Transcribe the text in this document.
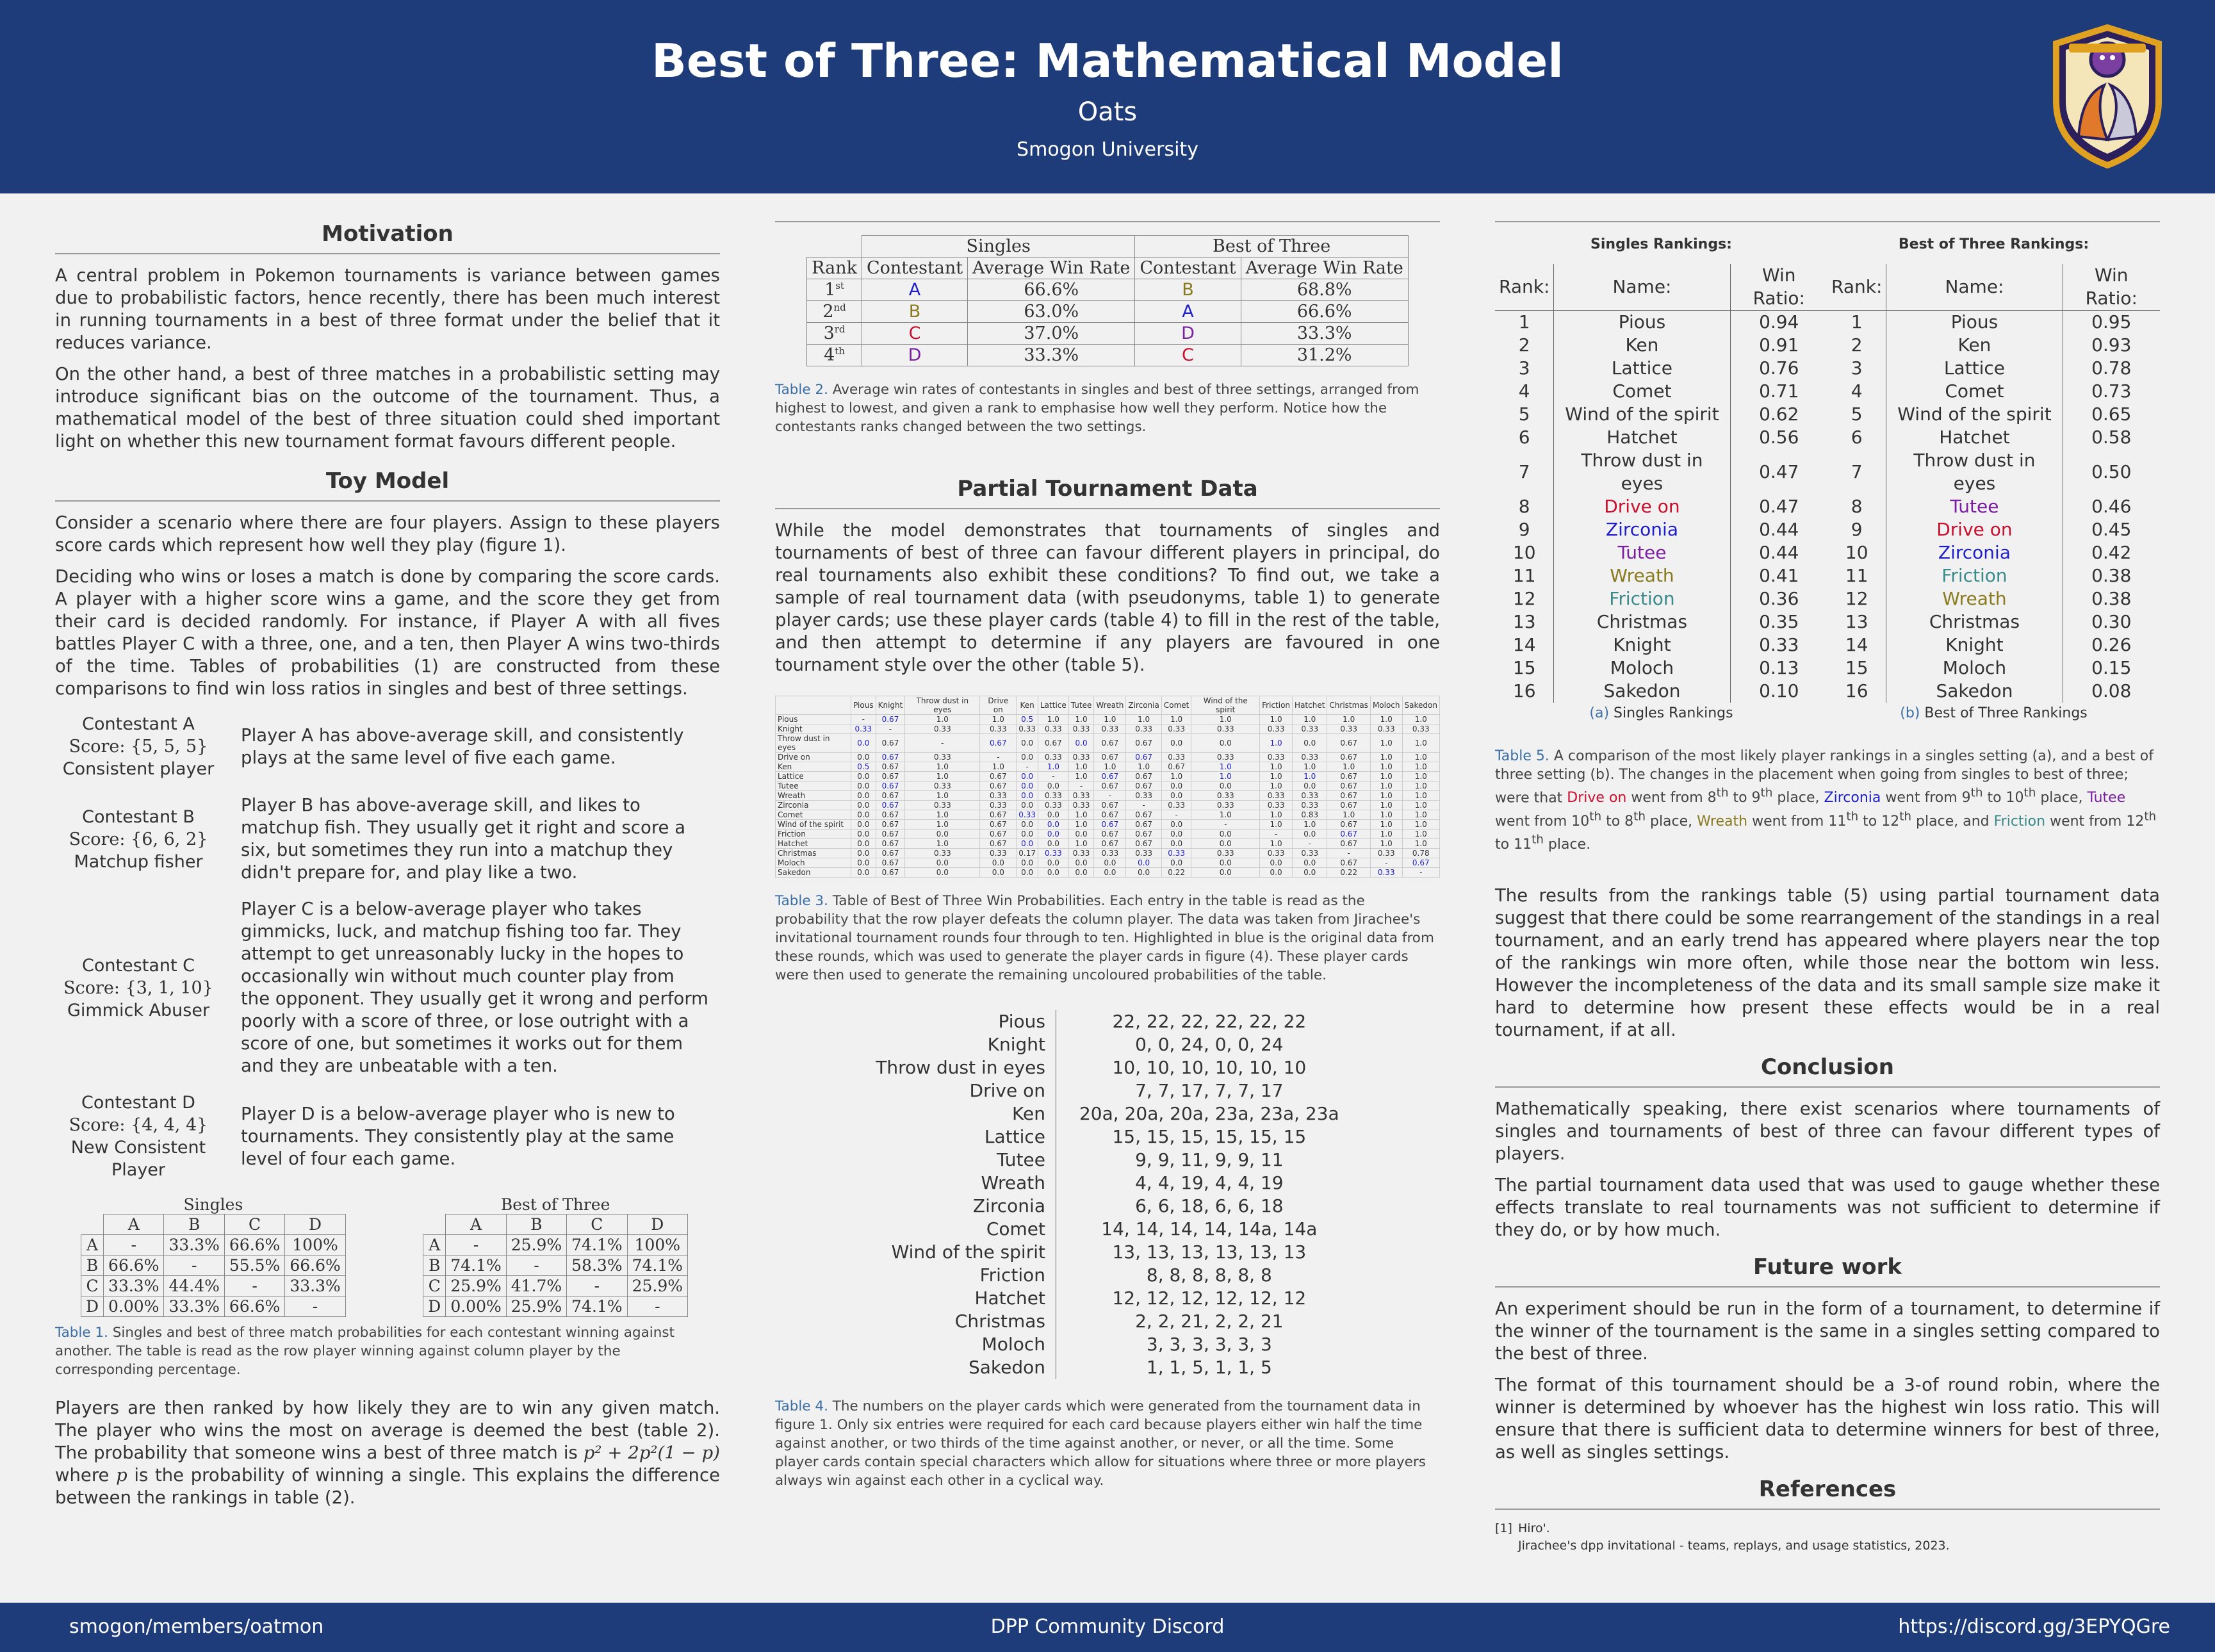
Best of Three: Mathematical Model
Oats
Smogon University
Motivation

A central problem in Pokemon tournaments is variance between games due to probabilistic factors, hence recently, there has been much interest in running tournaments in a best of three format under the belief that it reduces variance.

On the other hand, a best of three matches in a probabilistic setting may introduce significant bias on the outcome of the tournament. Thus, a mathematical model of the best of three situation could shed important light on whether this new tournament format favours different people.

Toy Model

Consider a scenario where there are four players. Assign to these players score cards which represent how well they play (figure 1).

Deciding who wins or loses a match is done by comparing the score cards. A player with a higher score wins a game, and the score they get from their card is decided randomly. For instance, if Player A with all fives battles Player C with a three, one, and a ten, then Player A wins two-thirds of the time. Tables of probabilities (1) are constructed from these comparisons to find win loss ratios in singles and best of three settings.

Contestant A
Score: {5, 5, 5}
Consistent player
Player A has above-average skill, and consistently plays at the same level of five each game.
Contestant B
Score: {6, 6, 2}
Matchup fisher
Player B has above-average skill, and likes to matchup fish. They usually get it right and score a six, but sometimes they run into a matchup they didn't prepare for, and play like a two.
Contestant C
Score: {3, 1, 10}
Gimmick Abuser
Player C is a below-average player who takes gimmicks, luck, and matchup fishing too far. They attempt to get unreasonably lucky in the hopes to occasionally win without much counter play from the opponent. They usually get it wrong and perform poorly with a score of three, or lose outright with a score of one, but sometimes it works out for them and they are unbeatable with a ten.
Contestant D
Score: {4, 4, 4}
New Consistent Player
Player D is a below-average player who is new to tournaments. They consistently play at the same level of four each game.
Singles
	A	B	C	D
A	-	33.3%	66.6%	100%
B	66.6%	-	55.5%	66.6%
C	33.3%	44.4%	-	33.3%
D	0.00%	33.3%	66.6%	-
Best of Three
	A	B	C	D
A	-	25.9%	74.1%	100%
B	74.1%	-	58.3%	74.1%
C	25.9%	41.7%	-	25.9%
D	0.00%	25.9%	74.1%	-
Table 1. Singles and best of three match probabilities for each contestant winning against another. The table is read as the row player winning against column player by the corresponding percentage.

Players are then ranked by how likely they are to win any given match. The player who wins the most on average is deemed the best (table 2). The probability that someone wins a best of three match is p² + 2p²(1 − p) where p is the probability of winning a single. This explains the difference between the rankings in table (2).

	Singles		Best of Three	
Rank	Contestant	Average Win Rate	Contestant	Average Win Rate
1st	A	66.6%	B	68.8%
2nd	B	63.0%	A	66.6%
3rd	C	37.0%	D	33.3%
4th	D	33.3%	C	31.2%
Table 2. Average win rates of contestants in singles and best of three settings, arranged from highest to lowest, and given a rank to emphasise how well they perform. Notice how the contestants ranks changed between the two settings.
Partial Tournament Data

While the model demonstrates that tournaments of singles and tournaments of best of three can favour different players in principal, do real tournaments also exhibit these conditions? To find out, we take a sample of real tournament data (with pseudonyms, table 1) to generate player cards; use these player cards (table 4) to fill in the rest of the table, and then attempt to determine if any players are favoured in one tournament style over the other (table 5).

	Pious	Knight	Throw dust in eyes	Drive on	Ken	Lattice	Tutee	Wreath	Zirconia	Comet	Wind of the spirit	Friction	Hatchet	Christmas	Moloch	Sakedon
Pious	-	0.67	1.0	1.0	0.5	1.0	1.0	1.0	1.0	1.0	1.0	1.0	1.0	1.0	1.0	1.0
Knight	0.33	-	0.33	0.33	0.33	0.33	0.33	0.33	0.33	0.33	0.33	0.33	0.33	0.33	0.33	0.33
Throw dust in eyes	0.0	0.67	-	0.67	0.0	0.67	0.0	0.67	0.67	0.0	0.0	1.0	0.0	0.67	1.0	1.0
Drive on	0.0	0.67	0.33	-	0.0	0.33	0.33	0.67	0.67	0.33	0.33	0.33	0.33	0.67	1.0	1.0
Ken	0.5	0.67	1.0	1.0	-	1.0	1.0	1.0	1.0	0.67	1.0	1.0	1.0	1.0	1.0	1.0
Lattice	0.0	0.67	1.0	0.67	0.0	-	1.0	0.67	0.67	1.0	1.0	1.0	1.0	0.67	1.0	1.0
Tutee	0.0	0.67	0.33	0.67	0.0	0.0	-	0.67	0.67	0.0	0.0	1.0	0.0	0.67	1.0	1.0
Wreath	0.0	0.67	1.0	0.33	0.0	0.33	0.33	-	0.33	0.0	0.33	0.33	0.33	0.67	1.0	1.0
Zirconia	0.0	0.67	0.33	0.33	0.0	0.33	0.33	0.67	-	0.33	0.33	0.33	0.33	0.67	1.0	1.0
Comet	0.0	0.67	1.0	0.67	0.33	0.0	1.0	0.67	0.67	-	1.0	1.0	0.83	1.0	1.0	1.0
Wind of the spirit	0.0	0.67	1.0	0.67	0.0	0.0	1.0	0.67	0.67	0.0	-	1.0	1.0	0.67	1.0	1.0
Friction	0.0	0.67	0.0	0.67	0.0	0.0	0.0	0.67	0.67	0.0	0.0	-	0.0	0.67	1.0	1.0
Hatchet	0.0	0.67	1.0	0.67	0.0	0.0	1.0	0.67	0.67	0.0	0.0	1.0	-	0.67	1.0	1.0
Christmas	0.0	0.67	0.33	0.33	0.17	0.33	0.33	0.33	0.33	0.33	0.33	0.33	0.33	-	0.33	0.78
Moloch	0.0	0.67	0.0	0.0	0.0	0.0	0.0	0.0	0.0	0.0	0.0	0.0	0.0	0.67	-	0.67
Sakedon	0.0	0.67	0.0	0.0	0.0	0.0	0.0	0.0	0.0	0.22	0.0	0.0	0.0	0.22	0.33	-
Table 3. Table of Best of Three Win Probabilities. Each entry in the table is read as the probability that the row player defeats the column player. The data was taken from Jirachee's invitational tournament rounds four through to ten. Highlighted in blue is the original data from these rounds, which was used to generate the player cards in figure (4). These player cards were then used to generate the remaining uncoloured probabilities of the table.
Pious	22, 22, 22, 22, 22, 22
Knight	0, 0, 24, 0, 0, 24
Throw dust in eyes	10, 10, 10, 10, 10, 10
Drive on	7, 7, 17, 7, 7, 17
Ken	20a, 20a, 20a, 23a, 23a, 23a
Lattice	15, 15, 15, 15, 15, 15
Tutee	9, 9, 11, 9, 9, 11
Wreath	4, 4, 19, 4, 4, 19
Zirconia	6, 6, 18, 6, 6, 18
Comet	14, 14, 14, 14, 14a, 14a
Wind of the spirit	13, 13, 13, 13, 13, 13
Friction	8, 8, 8, 8, 8, 8
Hatchet	12, 12, 12, 12, 12, 12
Christmas	2, 2, 21, 2, 2, 21
Moloch	3, 3, 3, 3, 3, 3
Sakedon	1, 1, 5, 1, 1, 5
Table 4. The numbers on the player cards which were generated from the tournament data in figure 1. Only six entries were required for each card because players either win half the time against another, or two thirds of the time against another, or never, or all the time. Some player cards contain special characters which allow for situations where three or more players always win against each other in a cyclical way.
Singles Rankings:
Rank:	Name:	Win Ratio:
1	Pious	0.94
2	Ken	0.91
3	Lattice	0.76
4	Comet	0.71
5	Wind of the spirit	0.62
6	Hatchet	0.56
7	Throw dust in eyes	0.47
8	Drive on	0.47
9	Zirconia	0.44
10	Tutee	0.44
11	Wreath	0.41
12	Friction	0.36
13	Christmas	0.35
14	Knight	0.33
15	Moloch	0.13
16	Sakedon	0.10
(a) Singles Rankings
Best of Three Rankings:
Rank:	Name:	Win Ratio:
1	Pious	0.95
2	Ken	0.93
3	Lattice	0.78
4	Comet	0.73
5	Wind of the spirit	0.65
6	Hatchet	0.58
7	Throw dust in eyes	0.50
8	Tutee	0.46
9	Drive on	0.45
10	Zirconia	0.42
11	Friction	0.38
12	Wreath	0.38
13	Christmas	0.30
14	Knight	0.26
15	Moloch	0.15
16	Sakedon	0.08
(b) Best of Three Rankings
Table 5. A comparison of the most likely player rankings in a singles setting (a), and a best of three setting (b). The changes in the placement when going from singles to best of three; were that Drive on went from 8th to 9th place, Zirconia went from 9th to 10th place, Tutee went from 10th to 8th place, Wreath went from 11th to 12th place, and Friction went from 12th to 11th place.

The results from the rankings table (5) using partial tournament data suggest that there could be some rearrangement of the standings in a real tournament, and an early trend has appeared where players near the top of the rankings win more often, while those near the bottom win less. However the incompleteness of the data and its small sample size make it hard to determine how present these effects would be in a real tournament, if at all.

Conclusion

Mathematically speaking, there exist scenarios where tournaments of singles and tournaments of best of three can favour different types of players.

The partial tournament data used that was used to gauge whether these effects translate to real tournaments was not sufficient to determine if they do, or by how much.

Future work

An experiment should be run in the form of a tournament, to determine if the winner of the tournament is the same in a singles setting compared to the best of three.

The format of this tournament should be a 3-of round robin, where the winner is determined by whoever has the highest win loss ratio. This will ensure that there is sufficient data to determine winners for best of three, as well as singles settings.

References
[1] Hiro'.
Jirachee's dpp invitational - teams, replays, and usage statistics, 2023.
smogon/members/oatmon	DPP Community Discord	https://discord.gg/3EPYQGre
